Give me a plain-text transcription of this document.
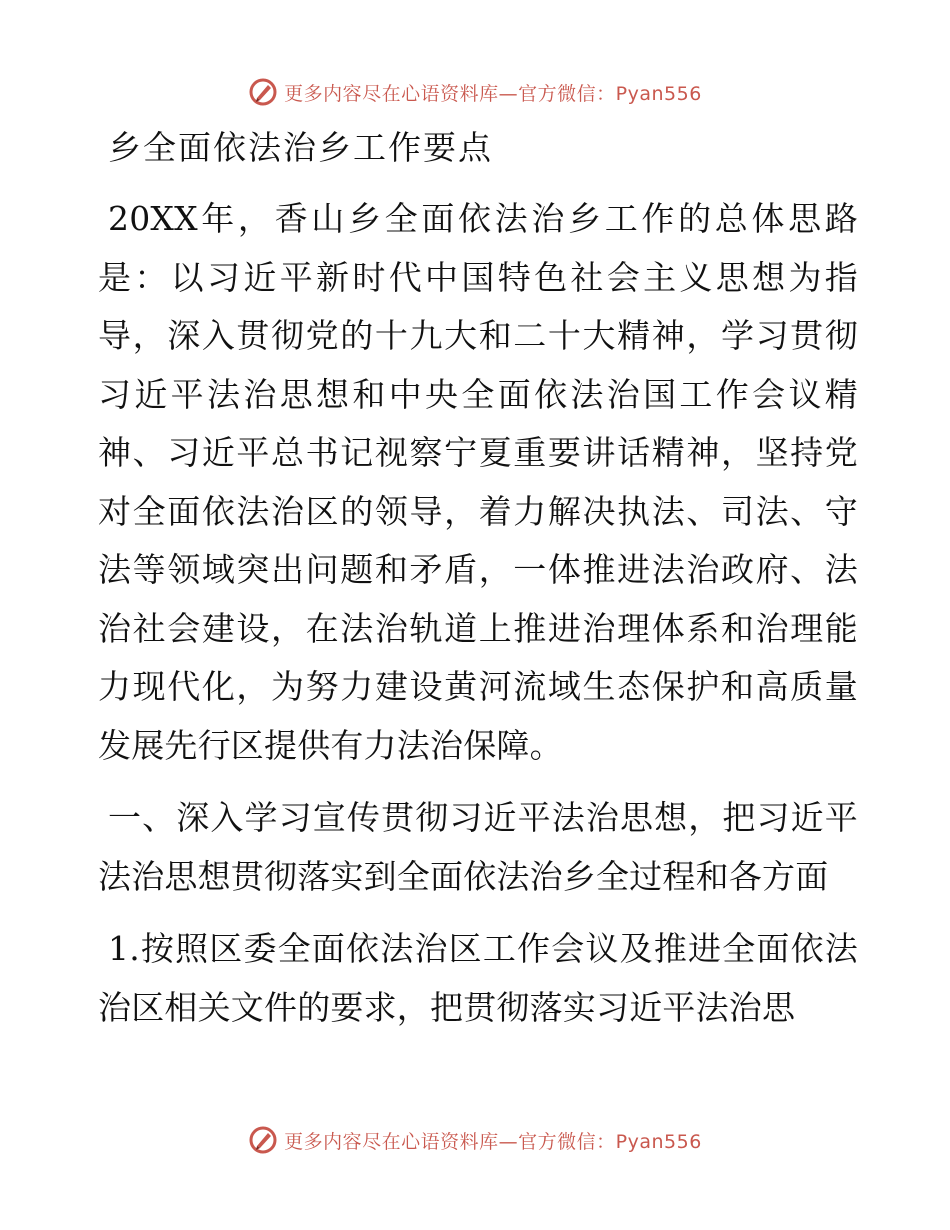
更多内容尽在心语资料库—官方微信：Pyan556
乡全面依法治乡工作要点

20XX年，香山乡全面依法治乡工作的总体思路是：以习近平新时代中国特色社会主义思想为指导，深入贯彻党的十九大和二十大精神，学习贯彻习近平法治思想和中央全面依法治国工作会议精神、习近平总书记视察宁夏重要讲话精神，坚持党对全面依法治区的领导，着力解决执法、司法、守法等领域突出问题和矛盾，一体推进法治政府、法治社会建设，在法治轨道上推进治理体系和治理能力现代化，为努力建设黄河流域生态保护和高质量发展先行区提供有力法治保障。

一、深入学习宣传贯彻习近平法治思想，把习近平法治思想贯彻落实到全面依法治乡全过程和各方面

1.按照区委全面依法治区工作会议及推进全面依法治区相关文件的要求，把贯彻落实习近平法治思

更多内容尽在心语资料库—官方微信：Pyan556
